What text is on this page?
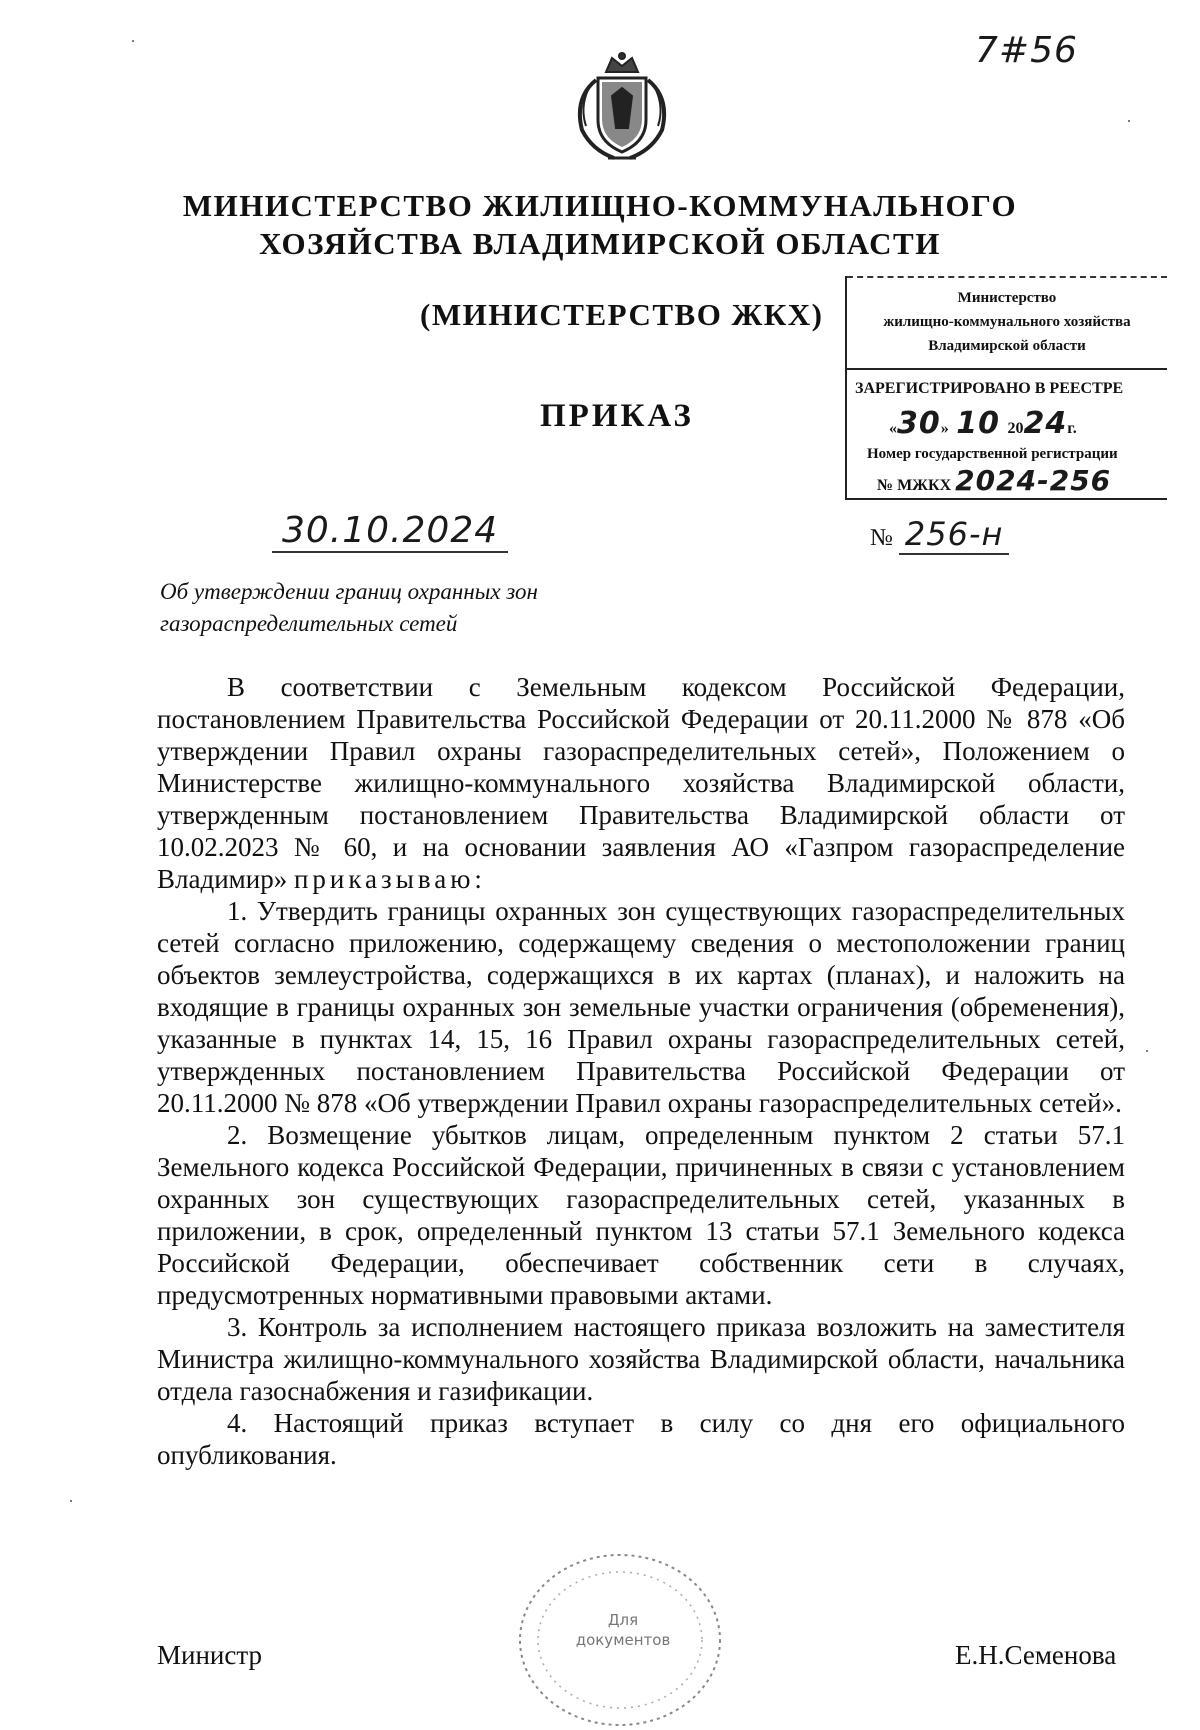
7#56
МИНИСТЕРСТВО ЖИЛИЩНО-КОММУНАЛЬНОГО
ХОЗЯЙСТВА ВЛАДИМИРСКОЙ ОБЛАСТИ
(МИНИСТЕРСТВО ЖКХ)
ПРИКАЗ
Министерство
жилищно-коммунального хозяйства
Владимирской области
ЗАРЕГИСТРИРОВАНО В РЕЕСТРЕ
«30» 10 2024г.
Номер государственной регистрации
№ МЖКХ 2024-256
30.10.2024	№ 256-н
Об утверждении границ охранных зон
газораспределительных сетей

В соответствии с Земельным кодексом Российской Федерации, постановлением Правительства Российской Федерации от 20.11.2000 № 878 «Об утверждении Правил охраны газораспределительных сетей», Положением о Министерстве жилищно-коммунального хозяйства Владимирской области, утвержденным постановлением Правительства Владимирской области от 10.02.2023 № 60, и на основании заявления АО «Газпром газораспределение Владимир» приказываю:

1. Утвердить границы охранных зон существующих газораспределительных сетей согласно приложению, содержащему сведения о местоположении границ объектов землеустройства, содержащихся в их картах (планах), и наложить на входящие в границы охранных зон земельные участки ограничения (обременения), указанные в пунктах 14, 15, 16 Правил охраны газораспределительных сетей, утвержденных постановлением Правительства Российской Федерации от 20.11.2000 № 878 «Об утверждении Правил охраны газораспределительных сетей».

2. Возмещение убытков лицам, определенным пунктом 2 статьи 57.1 Земельного кодекса Российской Федерации, причиненных в связи с установлением охранных зон существующих газораспределительных сетей, указанных в приложении, в срок, определенный пунктом 13 статьи 57.1 Земельного кодекса Российской Федерации, обеспечивает собственник сети в случаях, предусмотренных нормативными правовыми актами.

3. Контроль за исполнением настоящего приказа возложить на заместителя Министра жилищно-коммунального хозяйства Владимирской области, начальника отдела газоснабжения и газификации.

4. Настоящий приказ вступает в силу со дня его официального опубликования.

Для
документов
Министр	Е.Н.Семенова
